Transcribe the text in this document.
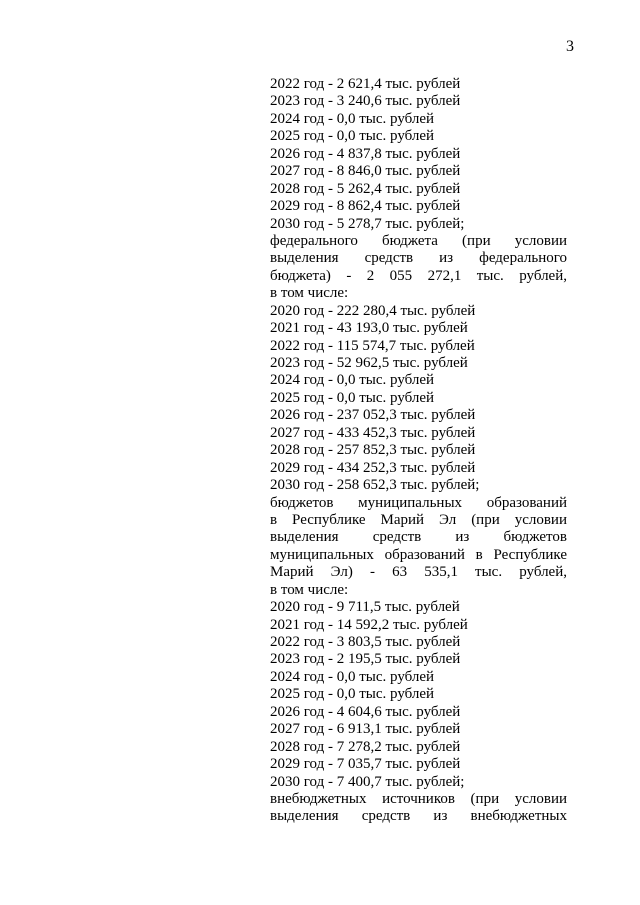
3
2022 год - 2 621,4 тыс. рублей
2023 год - 3 240,6 тыс. рублей
2024 год - 0,0 тыс. рублей
2025 год - 0,0 тыс. рублей
2026 год - 4 837,8 тыс. рублей
2027 год - 8 846,0 тыс. рублей
2028 год - 5 262,4 тыс. рублей
2029 год - 8 862,4 тыс. рублей
2030 год - 5 278,7 тыс. рублей;
федерального бюджета (при условии
выделения средств из федерального
бюджета) - 2 055 272,1 тыс. рублей,
в том числе:
2020 год - 222 280,4 тыс. рублей
2021 год - 43 193,0 тыс. рублей
2022 год - 115 574,7 тыс. рублей
2023 год - 52 962,5 тыс. рублей
2024 год - 0,0 тыс. рублей
2025 год - 0,0 тыс. рублей
2026 год - 237 052,3 тыс. рублей
2027 год - 433 452,3 тыс. рублей
2028 год - 257 852,3 тыс. рублей
2029 год - 434 252,3 тыс. рублей
2030 год - 258 652,3 тыс. рублей;
бюджетов муниципальных образований
в Республике Марий Эл (при условии
выделения средств из бюджетов
муниципальных образований в Республике
Марий Эл) - 63 535,1 тыс. рублей,
в том числе:
2020 год - 9 711,5 тыс. рублей
2021 год - 14 592,2 тыс. рублей
2022 год - 3 803,5 тыс. рублей
2023 год - 2 195,5 тыс. рублей
2024 год - 0,0 тыс. рублей
2025 год - 0,0 тыс. рублей
2026 год - 4 604,6 тыс. рублей
2027 год - 6 913,1 тыс. рублей
2028 год - 7 278,2 тыс. рублей
2029 год - 7 035,7 тыс. рублей
2030 год - 7 400,7 тыс. рублей;
внебюджетных источников (при условии
выделения средств из внебюджетных
